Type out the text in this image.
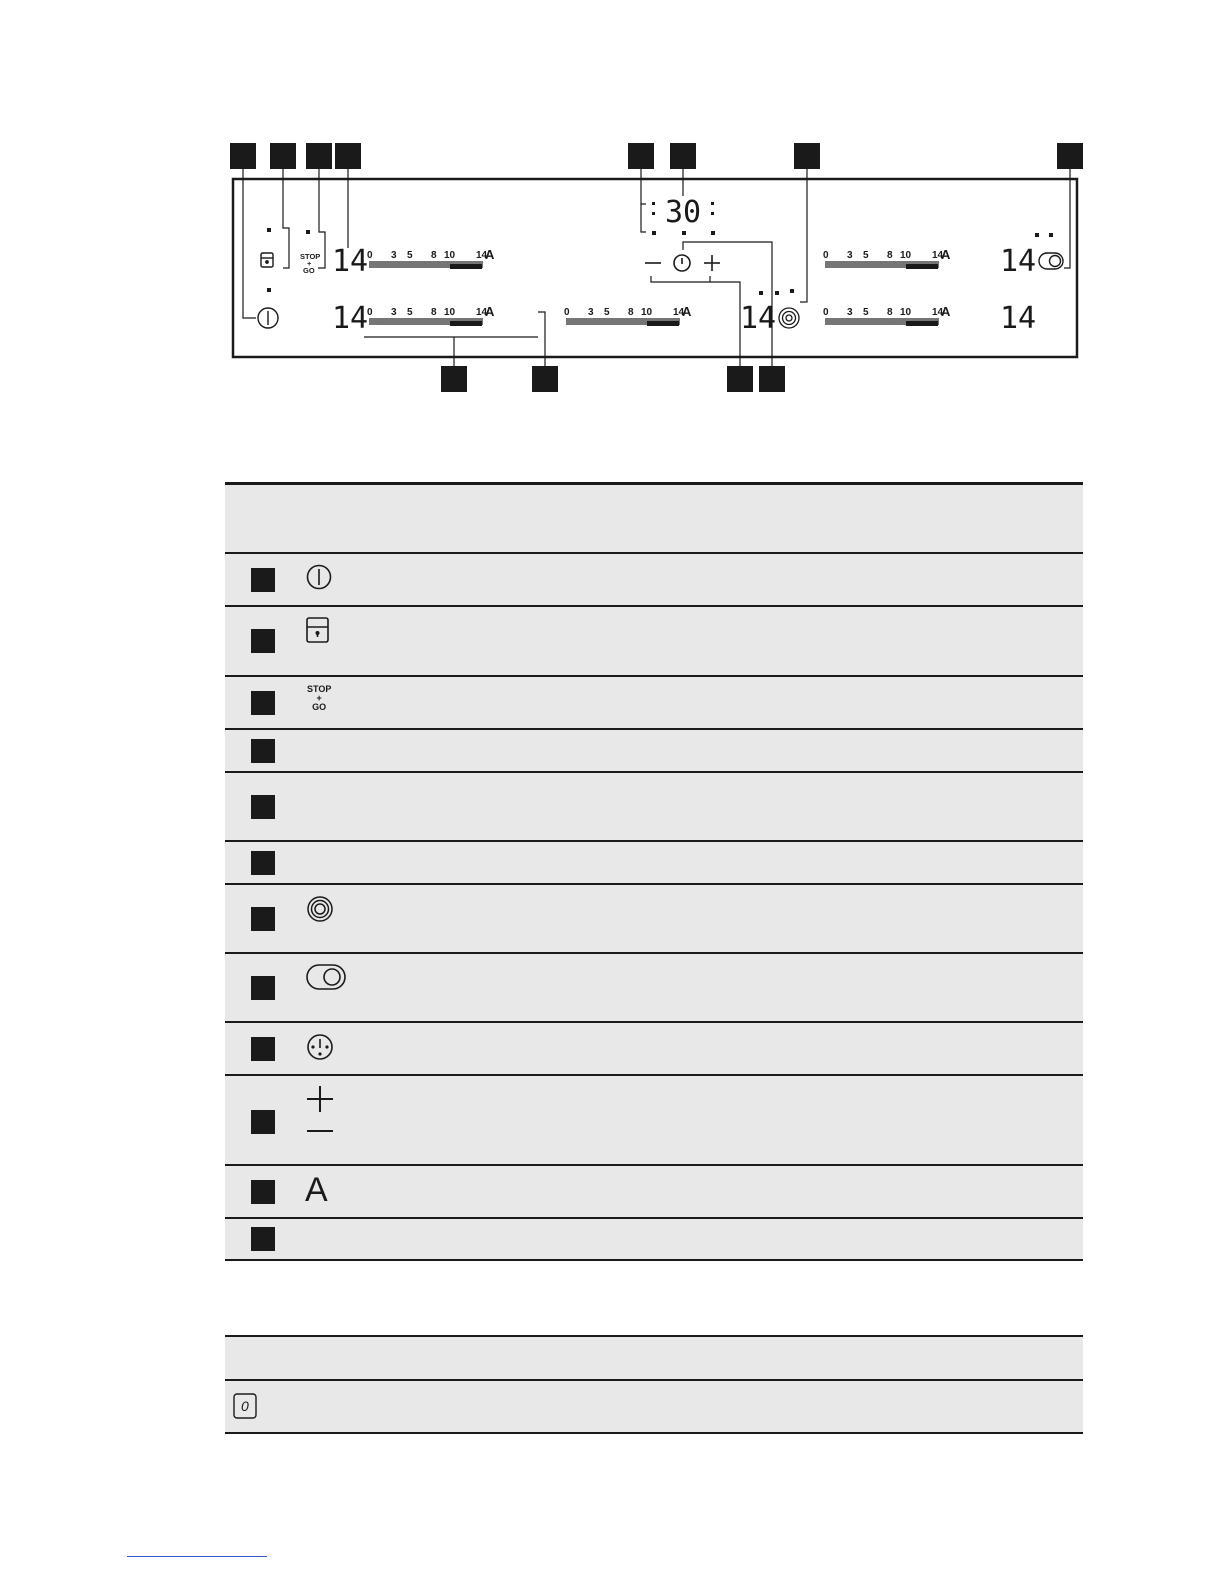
30
STOP
+
GO 14
0 3 5 8 10 14
A
14
0 3 5 8 10 14
A	0 3 5 8 10 14
A 14
0 3 5 8 10 14
A 14
0 3 5 8 10 14
A 14
STOP
+
GO
A
0
